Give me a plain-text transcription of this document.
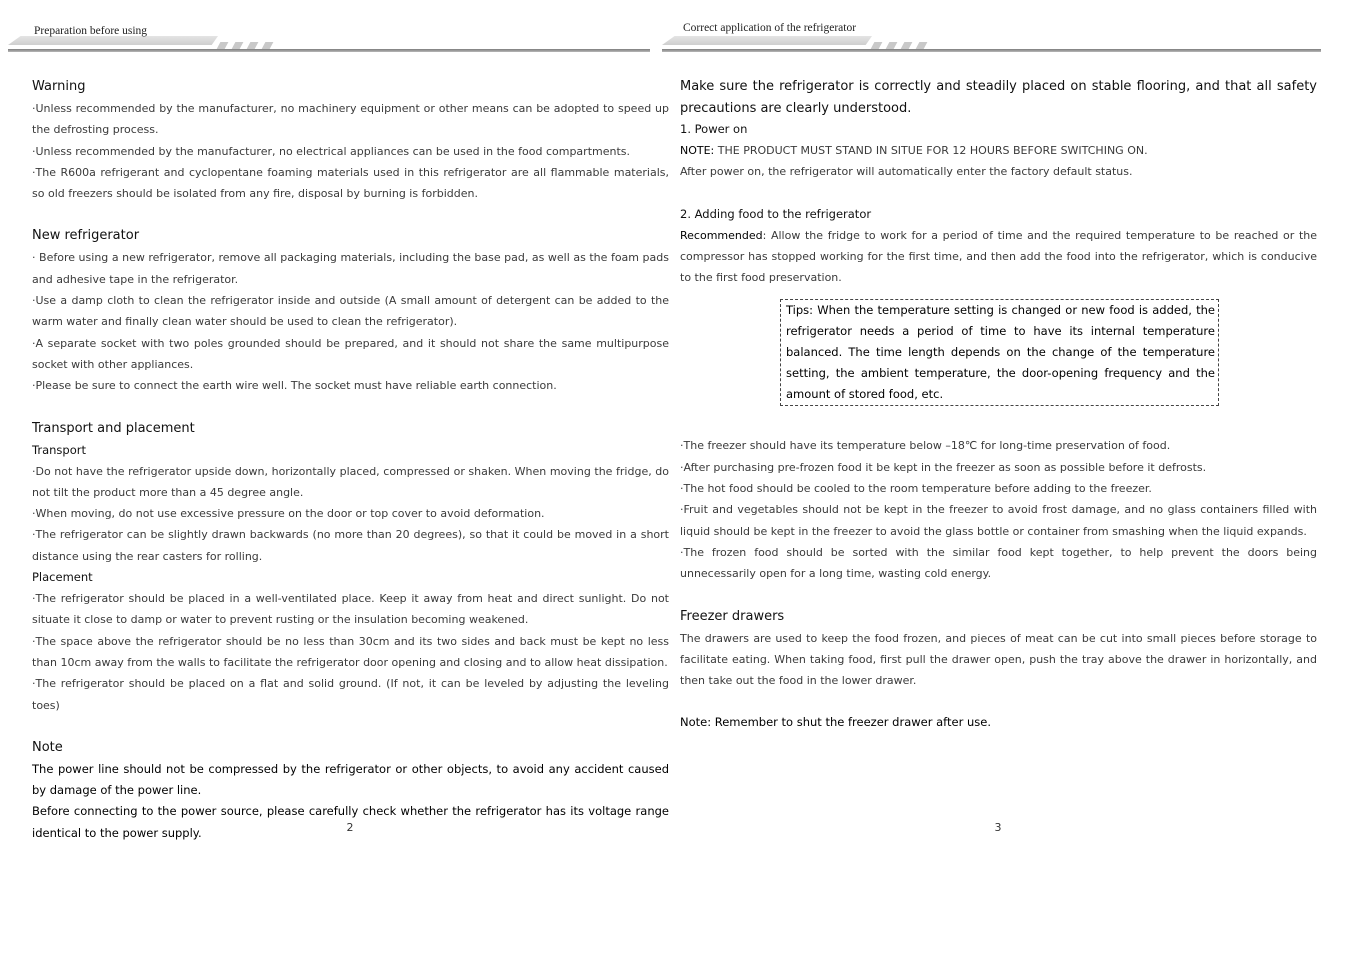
Preparation before using

Warning

·Unless recommended by the manufacturer, no machinery equipment or other means can be adopted to speed up the defrosting process.

·Unless recommended by the manufacturer, no electrical appliances can be used in the food compartments.

·The R600a refrigerant and cyclopentane foaming materials used in this refrigerator are all flammable materials, so old freezers should be isolated from any fire, disposal by burning is forbidden.

New refrigerator

· Before using a new refrigerator, remove all packaging materials, including the base pad, as well as the foam pads and adhesive tape in the refrigerator.

·Use a damp cloth to clean the refrigerator inside and outside (A small amount of detergent can be added to the warm water and finally clean water should be used to clean the refrigerator).

·A separate socket with two poles grounded should be prepared, and it should not share the same multipurpose socket with other appliances.

·Please be sure to connect the earth wire well. The socket must have reliable earth connection.

Transport and placement

Transport

·Do not have the refrigerator upside down, horizontally placed, compressed or shaken. When moving the fridge, do not tilt the product more than a 45 degree angle.

·When moving, do not use excessive pressure on the door or top cover to avoid deformation.

·The refrigerator can be slightly drawn backwards (no more than 20 degrees), so that it could be moved in a short distance using the rear casters for rolling.

Placement

·The refrigerator should be placed in a well-ventilated place. Keep it away from heat and direct sunlight. Do not situate it close to damp or water to prevent rusting or the insulation becoming weakened.

·The space above the refrigerator should be no less than 30cm and its two sides and back must be kept no less than 10cm away from the walls to facilitate the refrigerator door opening and closing and to allow heat dissipation.

·The refrigerator should be placed on a flat and solid ground. (If not, it can be leveled by adjusting the leveling toes)

Note

The power line should not be compressed by the refrigerator or other objects, to avoid any accident caused by damage of the power line.

Before connecting to the power source, please carefully check whether the refrigerator has its voltage range identical to the power supply.	2
Correct application of the refrigerator

Make sure the refrigerator is correctly and steadily placed on stable flooring, and that all safety precautions are clearly understood.

1. Power on

NOTE: THE PRODUCT MUST STAND IN SITUE FOR 12 HOURS BEFORE SWITCHING ON.

After power on, the refrigerator will automatically enter the factory default status.

2. Adding food to the refrigerator

Recommended: Allow the fridge to work for a period of time and the required temperature to be reached or the compressor has stopped working for the first time, and then add the food into the refrigerator, which is conducive to the first food preservation.

Tips: When the temperature setting is changed or new food is added, the refrigerator needs a period of time to have its internal temperature balanced. The time length depends on the change of the temperature setting, the ambient temperature, the door-opening frequency and the amount of stored food, etc.

·The freezer should have its temperature below –18℃ for long-time preservation of food.

·After purchasing pre-frozen food it be kept in the freezer as soon as possible before it defrosts.

·The hot food should be cooled to the room temperature before adding to the freezer.

·Fruit and vegetables should not be kept in the freezer to avoid frost damage, and no glass containers filled with liquid should be kept in the freezer to avoid the glass bottle or container from smashing when the liquid expands.

·The frozen food should be sorted with the similar food kept together, to help prevent the doors being unnecessarily open for a long time, wasting cold energy.

Freezer drawers

The drawers are used to keep the food frozen, and pieces of meat can be cut into small pieces before storage to facilitate eating. When taking food, first pull the drawer open, push the tray above the drawer in horizontally, and then take out the food in the lower drawer.

Note: Remember to shut the freezer drawer after use.

3
